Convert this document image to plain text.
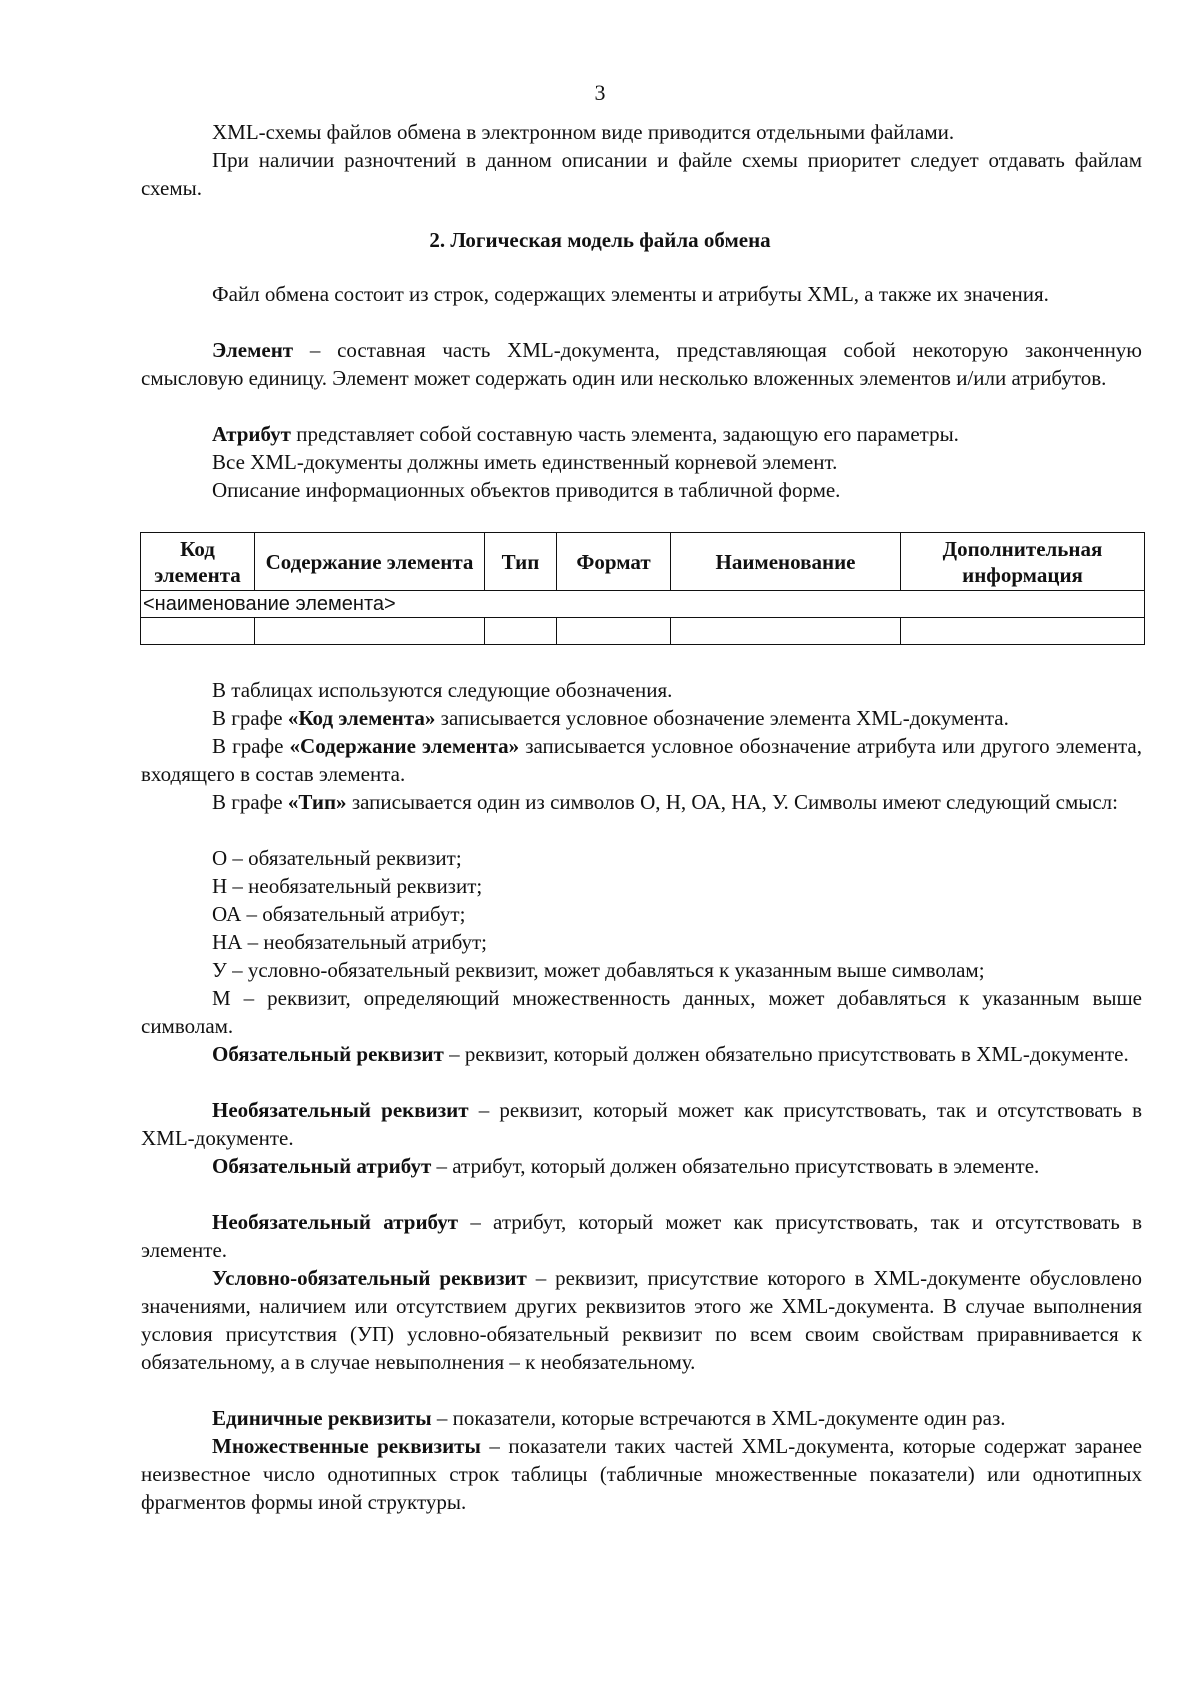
3

XML-схемы файлов обмена в электронном виде приводится отдельными файлами.

При наличии разночтений в данном описании и файле схемы приоритет следует отдавать файлам схемы.

2. Логическая модель файла обмена

Файл обмена состоит из строк, содержащих элементы и атрибуты XML, а также их значения.

Элемент – составная часть XML-документа, представляющая собой некоторую законченную смысловую единицу. Элемент может содержать один или несколько вложенных элементов и/или атрибутов.

Атрибут представляет собой составную часть элемента, задающую его параметры.

Все XML-документы должны иметь единственный корневой элемент.

Описание информационных объектов приводится в табличной форме.

Код элемента	Содержание элемента	Тип	Формат	Наименование	Дополнительная информация
<наименование элемента>					

В таблицах используются следующие обозначения.

В графе «Код элемента» записывается условное обозначение элемента XML-документа.

В графе «Содержание элемента» записывается условное обозначение атрибута или другого элемента, входящего в состав элемента.

В графе «Тип» записывается один из символов О, Н, ОА, НА, У. Символы имеют следующий смысл:

О – обязательный реквизит;

Н – необязательный реквизит;

ОА – обязательный атрибут;

НА – необязательный атрибут;

У – условно-обязательный реквизит, может добавляться к указанным выше символам;

М – реквизит, определяющий множественность данных, может добавляться к указанным выше символам.

Обязательный реквизит – реквизит, который должен обязательно присутствовать в XML-документе.

Необязательный реквизит – реквизит, который может как присутствовать, так и отсутствовать в XML-документе.

Обязательный атрибут – атрибут, который должен обязательно присутствовать в элементе.

Необязательный атрибут – атрибут, который может как присутствовать, так и отсутствовать в элементе.

Условно-обязательный реквизит – реквизит, присутствие которого в XML-документе обусловлено значениями, наличием или отсутствием других реквизитов этого же XML-документа. В случае выполнения условия присутствия (УП) условно-обязательный реквизит по всем своим свойствам приравнивается к обязательному, а в случае невыполнения – к необязательному.

Единичные реквизиты – показатели, которые встречаются в XML-документе один раз.

Множественные реквизиты – показатели таких частей XML-документа, которые содержат заранее неизвестное число однотипных строк таблицы (табличные множественные показатели) или однотипных фрагментов формы иной структуры.
